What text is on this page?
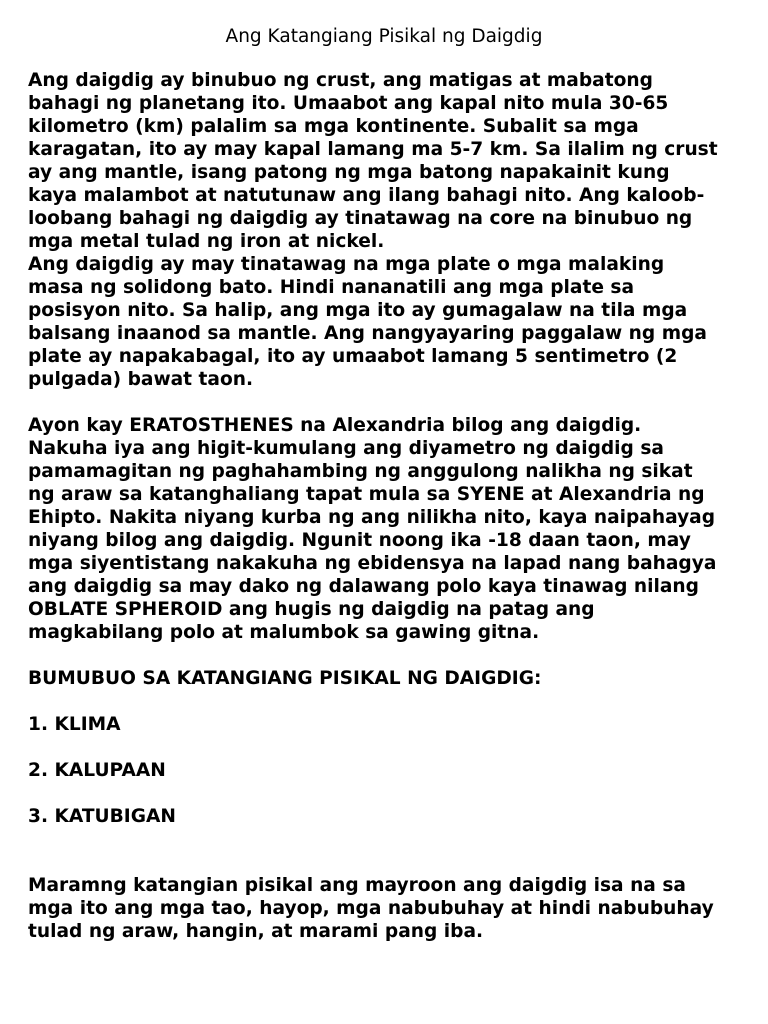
Ang Katangiang Pisikal ng Daigdig

Ang daigdig ay binubuo ng crust, ang matigas at mabatong
bahagi ng planetang ito. Umaabot ang kapal nito mula 30-65
kilometro (km) palalim sa mga kontinente. Subalit sa mga
karagatan, ito ay may kapal lamang ma 5-7 km. Sa ilalim ng crust
ay ang mantle, isang patong ng mga batong napakainit kung
kaya malambot at natutunaw ang ilang bahagi nito. Ang kaloob-
loobang bahagi ng daigdig ay tinatawag na core na binubuo ng
mga metal tulad ng iron at nickel.

Ang daigdig ay may tinatawag na mga plate o mga malaking
masa ng solidong bato. Hindi nananatili ang mga plate sa
posisyon nito. Sa halip, ang mga ito ay gumagalaw na tila mga
balsang inaanod sa mantle. Ang nangyayaring paggalaw ng mga
plate ay napakabagal, ito ay umaabot lamang 5 sentimetro (2
pulgada) bawat taon.

Ayon kay ERATOSTHENES na Alexandria bilog ang daigdig.
Nakuha iya ang higit-kumulang ang diyametro ng daigdig sa
pamamagitan ng paghahambing ng anggulong nalikha ng sikat
ng araw sa katanghaliang tapat mula sa SYENE at Alexandria ng
Ehipto. Nakita niyang kurba ng ang nilikha nito, kaya naipahayag
niyang bilog ang daigdig. Ngunit noong ika -18 daan taon, may
mga siyentistang nakakuha ng ebidensya na lapad nang bahagya
ang daigdig sa may dako ng dalawang polo kaya tinawag nilang
OBLATE SPHEROID ang hugis ng daigdig na patag ang
magkabilang polo at malumbok sa gawing gitna.

BUMUBUO SA KATANGIANG PISIKAL NG DAIGDIG:

1. KLIMA
2. KALUPAAN
3. KATUBIGAN

Maramng katangian pisikal ang mayroon ang daigdig isa na sa
mga ito ang mga tao, hayop, mga nabubuhay at hindi nabubuhay
tulad ng araw, hangin, at marami pang iba.
